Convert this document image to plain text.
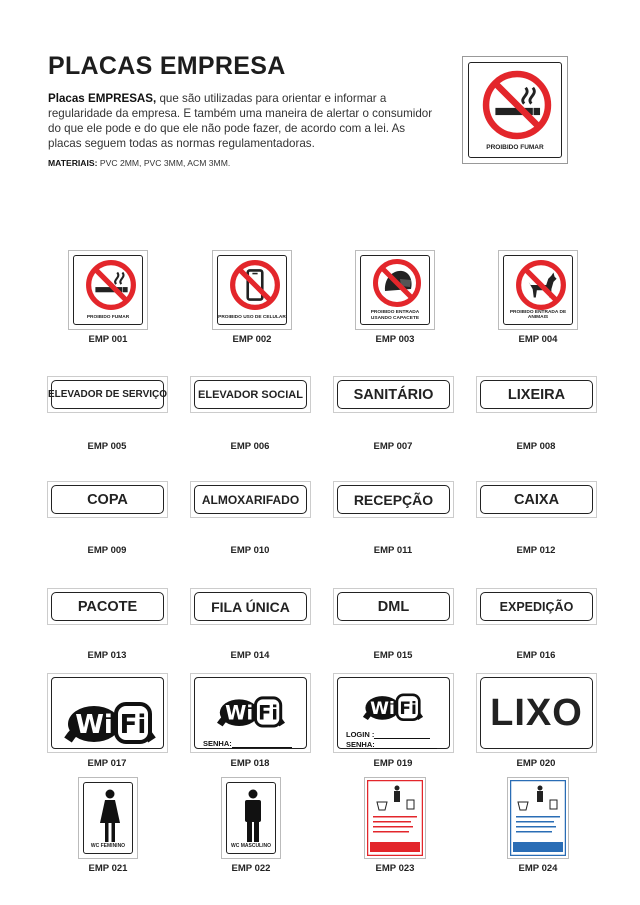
PLACAS EMPRESA
Placas EMPRESAS, que são utilizadas para orientar e informar a regularidade da empresa. E também uma maneira de alertar o consumidor do que ele pode e do que ele não pode fazer, de acordo com a lei. As placas seguem todas as normas regulamentadoras.
MATERIAIS: PVC 2MM, PVC 3MM, ACM 3MM.
PROIBIDO FUMAR
PROIBIDO FUMAR
EMP 001
PROIBIDO USO DE CELULAR
EMP 002
PROIBIDO ENTRADA
USANDO CAPACETE
EMP 003
PROIBIDO ENTRADA DE ANIMAIS
EMP 004
ELEVADOR DE SERVIÇO
EMP 005
ELEVADOR SOCIAL
EMP 006
SANITÁRIO
EMP 007
LIXEIRA
EMP 008
COPA
EMP 009
ALMOXARIFADO
EMP 010
RECEPÇÃO
EMP 011
CAIXA
EMP 012
PACOTE
EMP 013
FILA ÚNICA
EMP 014
DML
EMP 015
EXPEDIÇÃO
EMP 016
Wi Fi
EMP 017
Wi Fi
SENHA:
EMP 018
Wi Fi
LOGIN :
SENHA:
EMP 019
LIXO
EMP 020
WC FEMININO
EMP 021
WC MASCULINO
EMP 022	EMP 023	EMP 024
